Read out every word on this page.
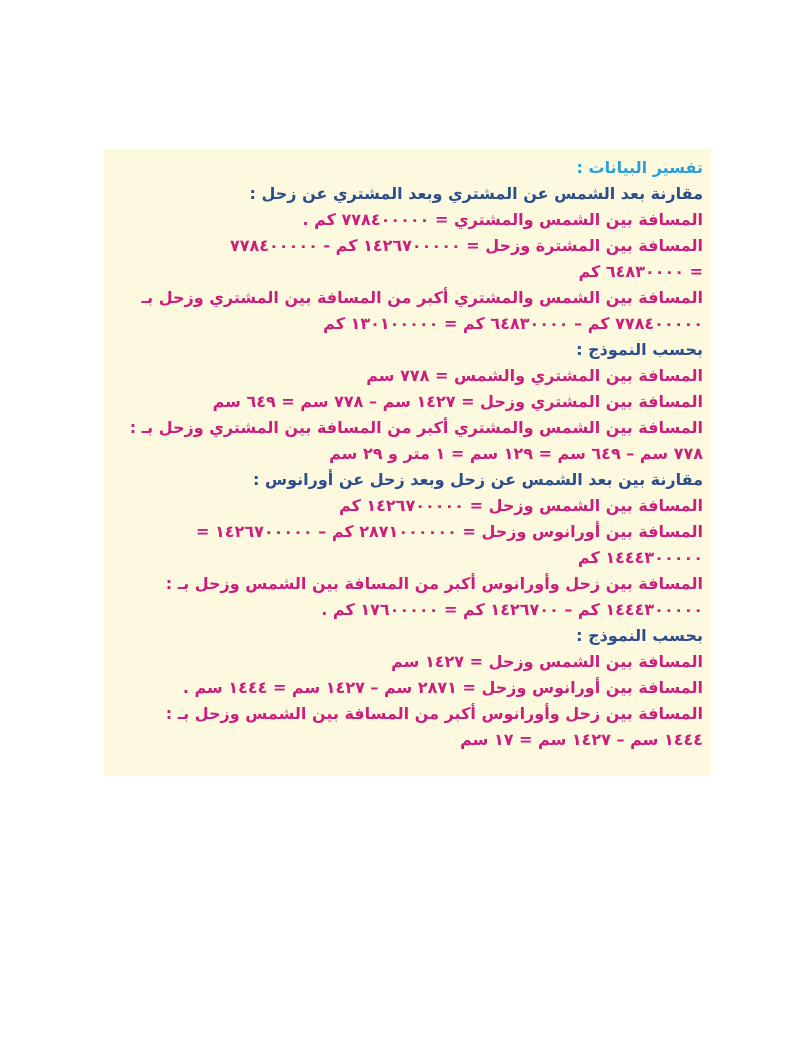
تفسير البيانات :
مقارنة بعد الشمس عن المشتري وبعد المشتري عن زحل :
المسافة بين الشمس والمشتري = ٧٧٨٤٠٠٠٠٠ كم .
المسافة بين المشترة وزحل = ١٤٢٦٧٠٠٠٠٠ كم - ٧٧٨٤٠٠٠٠٠
= ٦٤٨٣٠٠٠٠ كم
المسافة بين الشمس والمشتري أكبر من المسافة بين المشتري وزحل بـ
٧٧٨٤٠٠٠٠٠ كم – ٦٤٨٣٠٠٠٠ كم = ١٣٠١٠٠٠٠٠ كم
بحسب النموذج :
المسافة بين المشتري والشمس = ٧٧٨ سم
المسافة بين المشتري وزحل = ١٤٢٧ سم – ٧٧٨ سم = ٦٤٩ سم
المسافة بين الشمس والمشتري أكبر من المسافة بين المشتري وزحل بـ :
٧٧٨ سم – ٦٤٩ سم = ١٢٩ سم = ١ متر و ٢٩ سم
مقارنة بين بعد الشمس عن زحل وبعد زحل عن أورانوس :
المسافة بين الشمس وزحل = ١٤٢٦٧٠٠٠٠٠ كم
المسافة بين أورانوس وزحل = ٢٨٧١٠٠٠٠٠٠ كم – ١٤٢٦٧٠٠٠٠٠ =
١٤٤٤٣٠٠٠٠٠ كم
المسافة بين زحل وأورانوس أكبر من المسافة بين الشمس وزحل بـ :
١٤٤٤٣٠٠٠٠٠ كم – ١٤٢٦٧٠٠ كم = ١٧٦٠٠٠٠٠ كم .
بحسب النموذج :
المسافة بين الشمس وزحل = ١٤٢٧ سم
المسافة بين أورانوس وزحل = ٢٨٧١ سم – ١٤٢٧ سم = ١٤٤٤ سم .
المسافة بين زحل وأورانوس أكبر من المسافة بين الشمس وزحل بـ :
١٤٤٤ سم – ١٤٢٧ سم = ١٧ سم
